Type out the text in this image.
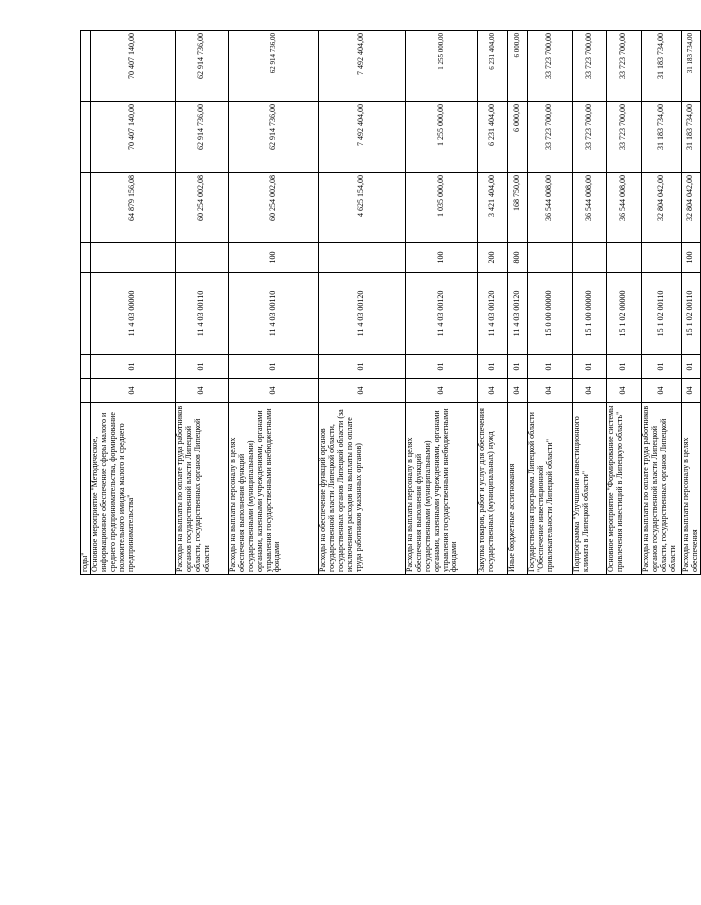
годы"							
Основное мероприятие "Методическое, информационное обеспечение сферы малого и среднего предпринимательства, формирование положительного имиджа малого и среднего предпринимательства"	04	01	11 4 03 00000		64 879 156,08	70 407 140,00	70 407 140,00
Расходы на выплаты по оплате труда работников органов государственной власти Липецкой области, государственных органов Липецкой области	04	01	11 4 03 00110		60 254 002,08	62 914 736,00	62 914 736,00
Расходы на выплаты персоналу в целях обеспечения выполнения функций государственными (муниципальными) органами, казенными учреждениями, органами управления государственными внебюджетными фондами	04	01	11 4 03 00110	100	60 254 002,08	62 914 736,00	62 914 736,00
Расходы на обеспечение функций органов государственной власти Липецкой области, государственных органов Липецкой области (за исключением расходов на выплаты по оплате труда работников указанных органов)	04	01	11 4 03 00120		4 625 154,00	7 492 404,00	7 492 404,00
Расходы на выплаты персоналу в целях обеспечения выполнения функций государственными (муниципальными) органами, казенными учреждениями, органами управления государственными внебюджетными фондами	04	01	11 4 03 00120	100	1 035 000,00	1 255 000,00	1 255 000,00
Закупка товаров, работ и услуг для обеспечения государственных (муниципальных) нужд	04	01	11 4 03 00120	200	3 421 404,00	6 231 404,00	6 231 404,00
Иные бюджетные ассигнования	04	01	11 4 03 00120	800	168 750,00	6 000,00	6 000,00
Государственная программа Липецкой области "Обеспечение инвестиционной привлекательности Липецкой области"	04	01	15 0 00 00000		36 544 008,00	33 723 700,00	33 723 700,00
Подпрограмма "Улучшение инвестиционного климата в Липецкой области"	04	01	15 1 00 00000		36 544 008,00	33 723 700,00	33 723 700,00
Основное мероприятие "Формирование системы привлечения инвестиций в Липецкую область"	04	01	15 1 02 00000		36 544 008,00	33 723 700,00	33 723 700,00
Расходы на выплаты по оплате труда работников органов государственной власти Липецкой области, государственных органов Липецкой области	04	01	15 1 02 00110		32 804 042,00	31 183 734,00	31 183 734,00
Расходы на выплаты персоналу в целях обеспечения	04	01	15 1 02 00110	100	32 804 042,00	31 183 734,00	31 183 734,00
